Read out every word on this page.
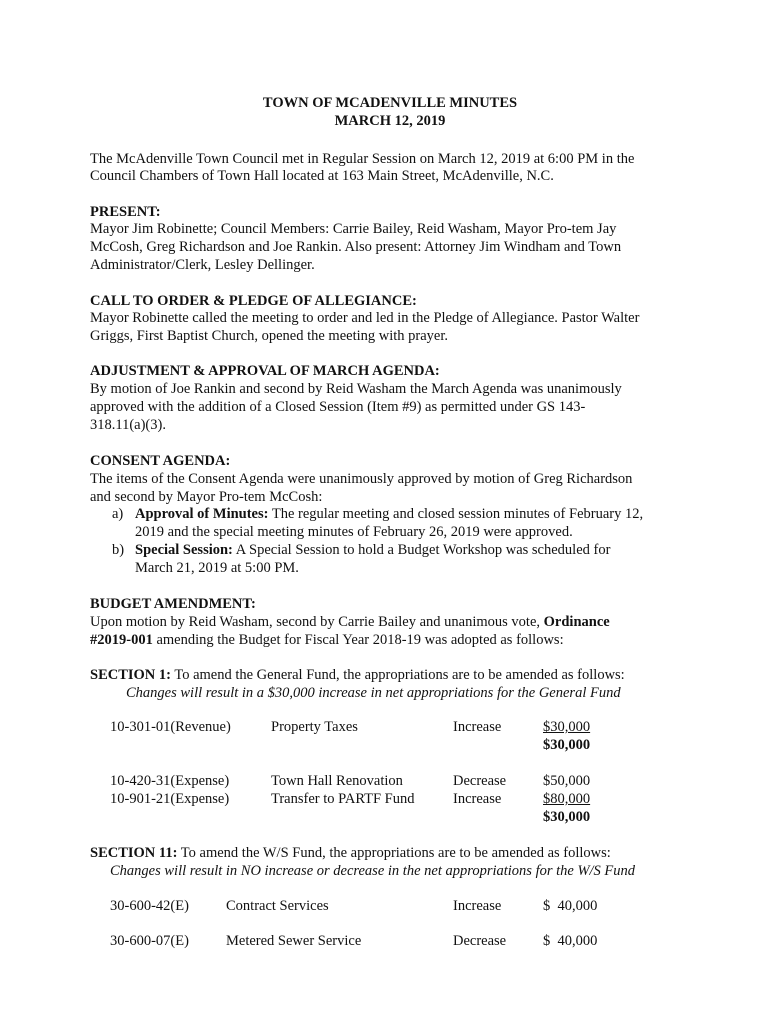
TOWN OF MCADENVILLE MINUTES
MARCH 12, 2019
The McAdenville Town Council met in Regular Session on March 12, 2019 at 6:00 PM in the
Council Chambers of Town Hall located at 163 Main Street, McAdenville, N.C.
PRESENT:
Mayor Jim Robinette; Council Members: Carrie Bailey, Reid Washam, Mayor Pro-tem Jay
McCosh, Greg Richardson and Joe Rankin. Also present: Attorney Jim Windham and Town
Administrator/Clerk, Lesley Dellinger.
CALL TO ORDER & PLEDGE OF ALLEGIANCE:
Mayor Robinette called the meeting to order and led in the Pledge of Allegiance. Pastor Walter
Griggs, First Baptist Church, opened the meeting with prayer.
ADJUSTMENT & APPROVAL OF MARCH AGENDA:
By motion of Joe Rankin and second by Reid Washam the March Agenda was unanimously
approved with the addition of a Closed Session (Item #9) as permitted under GS 143-
318.11(a)(3).
CONSENT AGENDA:
The items of the Consent Agenda were unanimously approved by motion of Greg Richardson
and second by Mayor Pro-tem McCosh:
a) Approval of Minutes: The regular meeting and closed session minutes of February 12,
2019 and the special meeting minutes of February 26, 2019 were approved.
b) Special Session: A Special Session to hold a Budget Workshop was scheduled for
March 21, 2019 at 5:00 PM.
BUDGET AMENDMENT:
Upon motion by Reid Washam, second by Carrie Bailey and unanimous vote, Ordinance
#2019-001 amending the Budget for Fiscal Year 2018-19 was adopted as follows:
SECTION 1: To amend the General Fund, the appropriations are to be amended as follows:
Changes will result in a $30,000 increase in net appropriations for the General Fund
10-301-01(Revenue)	Property Taxes	Increase	$30,000
$30,000
10-420-31(Expense)	Town Hall Renovation	Decrease	$50,000
10-901-21(Expense)	Transfer to PARTF Fund	Increase	$80,000
$30,000
SECTION 11: To amend the W/S Fund, the appropriations are to be amended as follows:
Changes will result in NO increase or decrease in the net appropriations for the W/S Fund
30-600-42(E)	Contract Services	Increase	$  40,000
30-600-07(E)	Metered Sewer Service	Decrease	$  40,000
